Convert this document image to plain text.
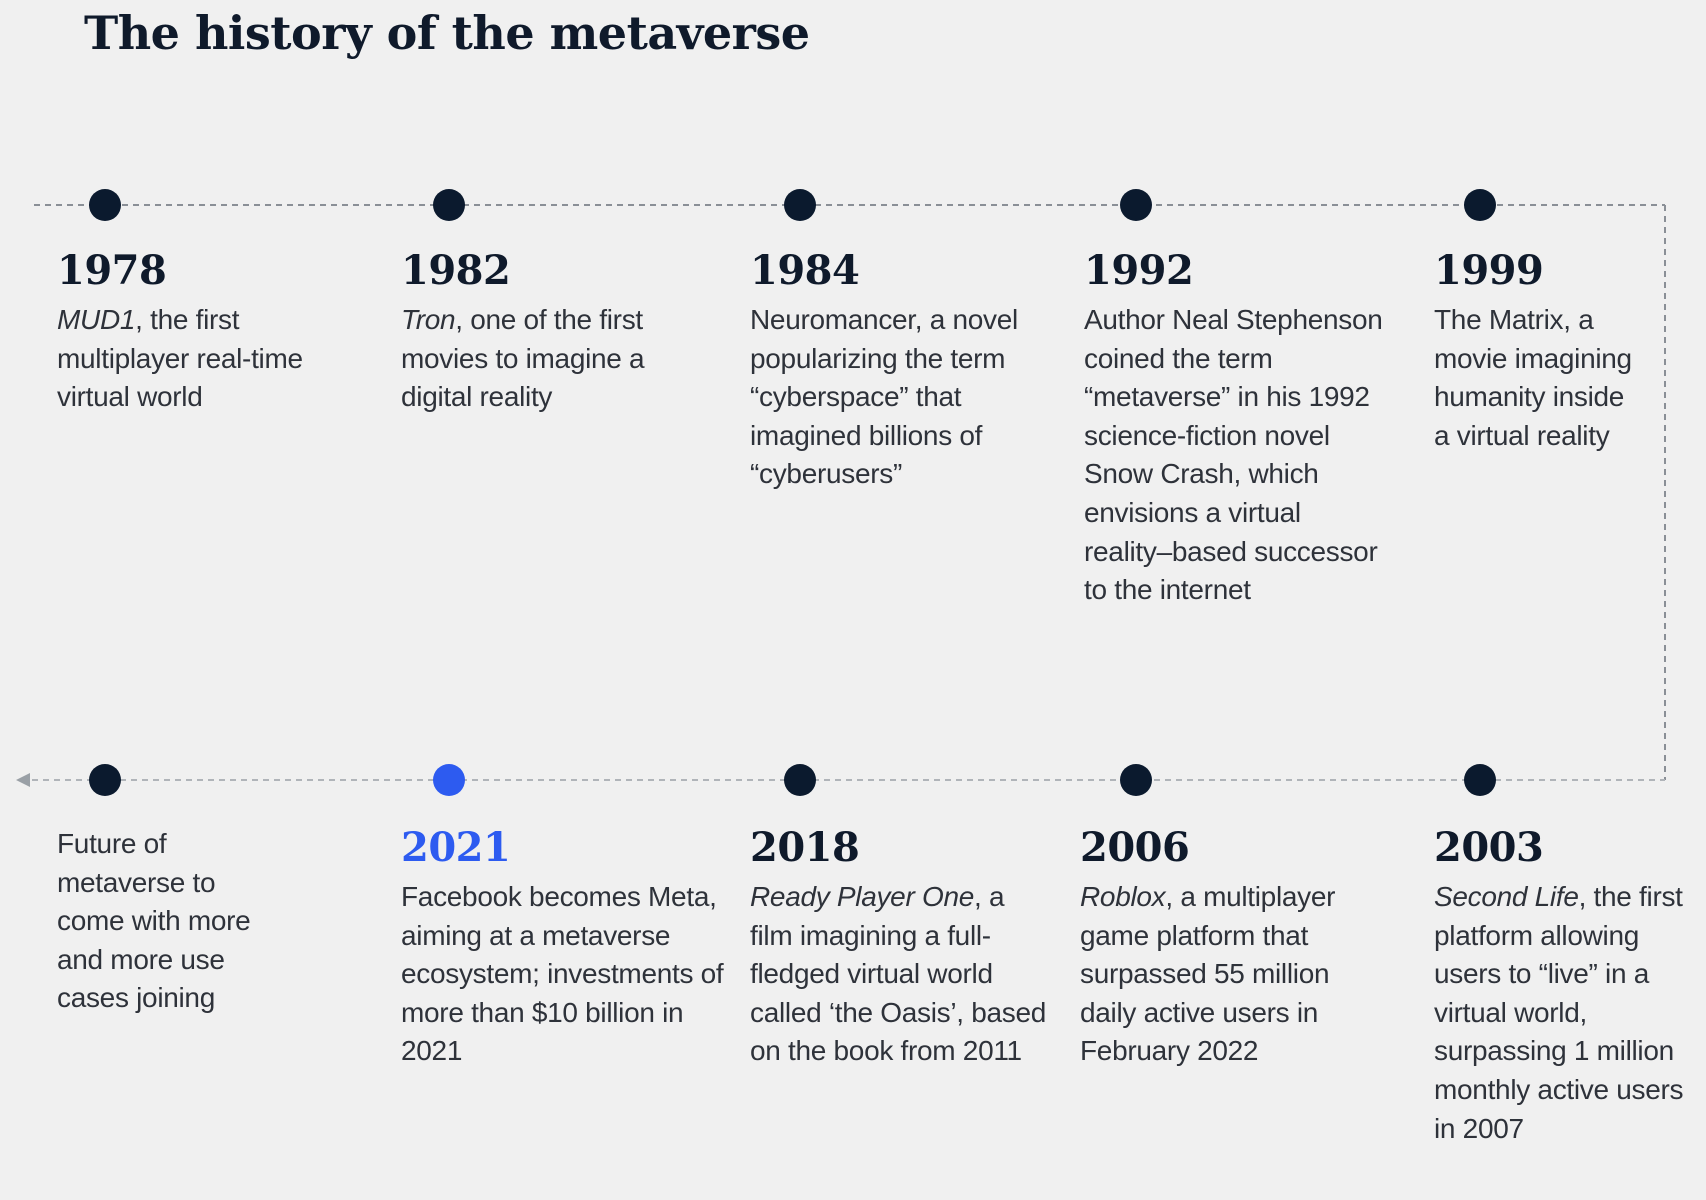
The history of the metaverse
1978
MUD1, the first multiplayer real-time virtual world
1982
Tron, one of the first movies to imagine a digital reality
1984
Neuromancer, a novel popularizing the term “cyberspace” that imagined billions of “cyberusers”
1992
Author Neal Stephenson coined the term “metaverse” in his 1992 science-fiction novel Snow Crash, which envisions a virtual reality–based successor to the internet
1999
The Matrix, a movie imagining humanity inside a virtual reality
Future of metaverse to come with more and more use cases joining
2021
Facebook becomes Meta, aiming at a metaverse ecosystem; investments of more than $10 billion in 2021
2018
Ready Player One, a film imagining a full-fledged virtual world called ‘the Oasis’, based on the book from 2011
2006
Roblox, a multiplayer game platform that surpassed 55 million daily active users in February 2022
2003
Second Life, the first platform allowing users to “live” in a virtual world, surpassing 1 million monthly active users in 2007
